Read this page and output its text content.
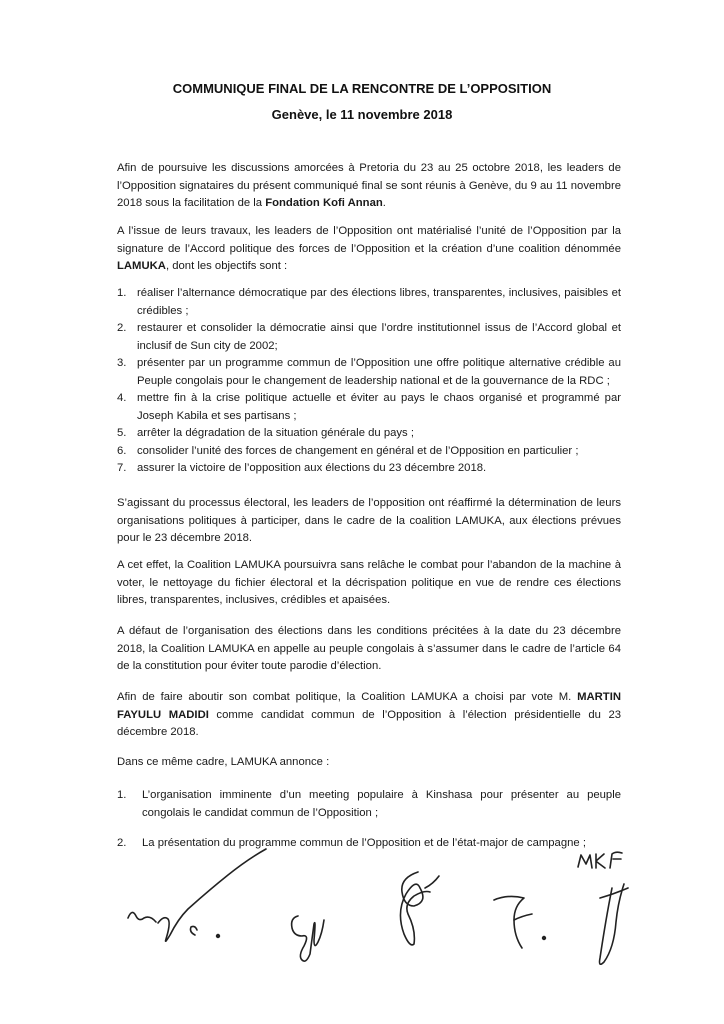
COMMUNIQUE FINAL DE LA RENCONTRE DE L’OPPOSITION
Genève, le 11 novembre 2018

Afin de poursuive les discussions amorcées à Pretoria du 23 au 25 octobre 2018, les leaders de l’Opposition signataires du présent communiqué final se sont réunis à Genève, du 9 au 11 novembre 2018 sous la facilitation de la Fondation Kofi Annan.

A l’issue de leurs travaux, les leaders de l’Opposition ont matérialisé l’unité de l’Opposition par la signature de l’Accord politique des forces de l’Opposition et la création d’une coalition dénommée LAMUKA, dont les objectifs sont :

1. réaliser l’alternance démocratique par des élections libres, transparentes, inclusives, paisibles et crédibles ;
2. restaurer et consolider la démocratie ainsi que l’ordre institutionnel issus de l’Accord global et inclusif de Sun city de 2002;
3. présenter par un programme commun de l’Opposition une offre politique alternative crédible au Peuple congolais pour le changement de leadership national et de la gouvernance de la RDC ;
4. mettre fin à la crise politique actuelle et éviter au pays le chaos organisé et programmé par Joseph Kabila et ses partisans ;
5. arrêter la dégradation de la situation générale du pays ;
6. consolider l’unité des forces de changement en général et de l’Opposition en particulier ;
7. assurer la victoire de l’opposition aux élections du 23 décembre 2018.

S’agissant du processus électoral, les leaders de l’opposition ont réaffirmé la détermination de leurs organisations politiques à participer, dans le cadre de la coalition LAMUKA, aux élections prévues pour le 23 décembre 2018.

A cet effet, la Coalition LAMUKA poursuivra sans relâche le combat pour l’abandon de la machine à voter, le nettoyage du fichier électoral et la décrispation politique en vue de rendre ces élections libres, transparentes, inclusives, crédibles et apaisées.

A défaut de l’organisation des élections dans les conditions précitées à la date du 23 décembre 2018, la Coalition LAMUKA en appelle au peuple congolais à s’assumer dans le cadre de l’article 64 de la constitution pour éviter toute parodie d’élection.

Afin de faire aboutir son combat politique, la Coalition LAMUKA a choisi par vote M. MARTIN FAYULU MADIDI comme candidat commun de l’Opposition à l’élection présidentielle du 23 décembre 2018.

Dans ce même cadre, LAMUKA annonce :

1. L’organisation imminente d’un meeting populaire à Kinshasa pour présenter au peuple congolais le candidat commun de l’Opposition ;
2. La présentation du programme commun de l’Opposition et de l’état-major de campagne ;
